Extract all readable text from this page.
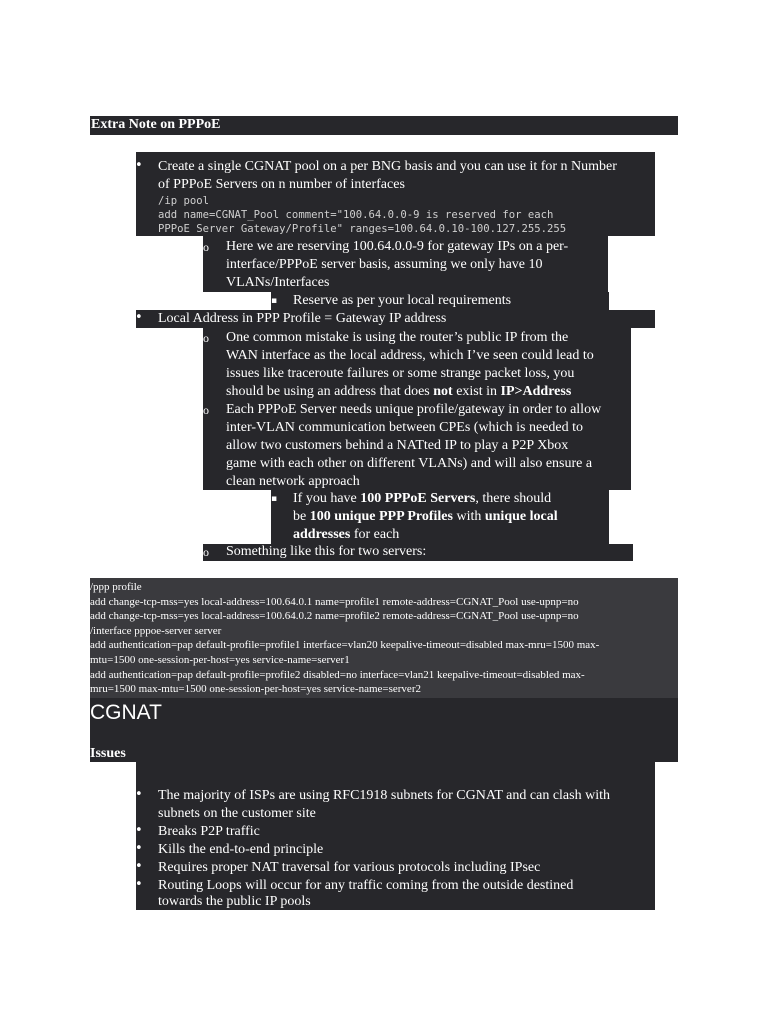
Extra Note on PPPoE
• Create a single CGNAT pool on a per BNG basis and you can use it for n Number
of PPPoE Servers on n number of interfaces
/ip pool
add name=CGNAT_Pool comment="100.64.0.0-9 is reserved for each
PPPoE Server Gateway/Profile" ranges=100.64.0.10-100.127.255.255
o Here we are reserving 100.64.0.0-9 for gateway IPs on a per-
interface/PPPoE server basis, assuming we only have 10
VLANs/Interfaces
▪ Reserve as per your local requirements
• Local Address in PPP Profile = Gateway IP address
o One common mistake is using the router’s public IP from the
WAN interface as the local address, which I’ve seen could lead to
issues like traceroute failures or some strange packet loss, you
should be using an address that does not exist in IP>Address
o Each PPPoE Server needs unique profile/gateway in order to allow
inter-VLAN communication between CPEs (which is needed to
allow two customers behind a NATted IP to play a P2P Xbox
game with each other on different VLANs) and will also ensure a
clean network approach
▪ If you have 100 PPPoE Servers, there should
be 100 unique PPP Profiles with unique local
addresses for each
o Something like this for two servers:
/ppp profile
add change-tcp-mss=yes local-address=100.64.0.1 name=profile1 remote-address=CGNAT_Pool use-upnp=no
add change-tcp-mss=yes local-address=100.64.0.2 name=profile2 remote-address=CGNAT_Pool use-upnp=no
/interface pppoe-server server
add authentication=pap default-profile=profile1 interface=vlan20 keepalive-timeout=disabled max-mru=1500 max-
mtu=1500 one-session-per-host=yes service-name=server1
add authentication=pap default-profile=profile2 disabled=no interface=vlan21 keepalive-timeout=disabled max-
mru=1500 max-mtu=1500 one-session-per-host=yes service-name=server2
CGNAT
Issues
• The majority of ISPs are using RFC1918 subnets for CGNAT and can clash with
subnets on the customer site
• Breaks P2P traffic
• Kills the end-to-end principle
• Requires proper NAT traversal for various protocols including IPsec
• Routing Loops will occur for any traffic coming from the outside destined
towards the public IP pools
